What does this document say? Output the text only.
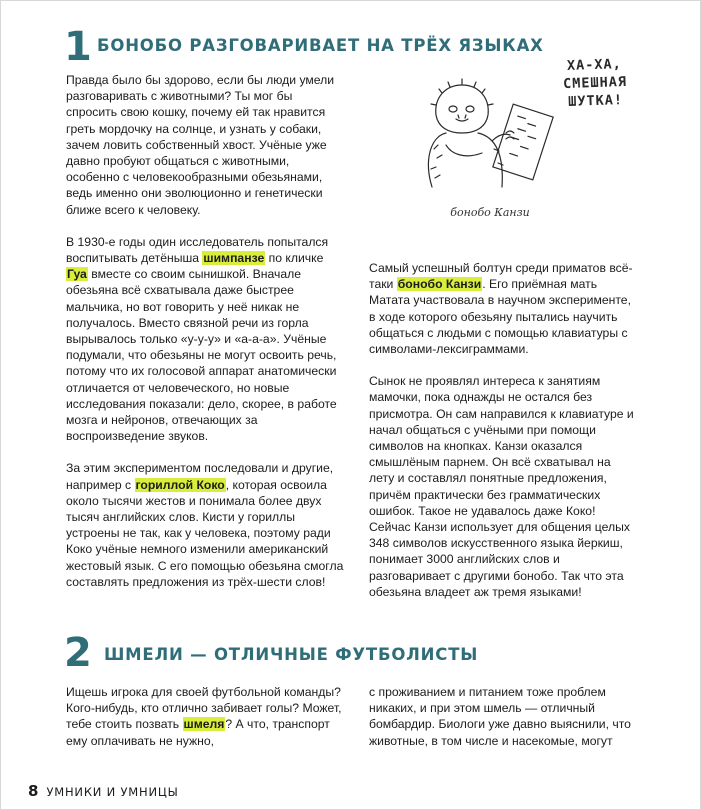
1 БОНОБО РАЗГОВАРИВАЕТ НА ТРЁХ ЯЗЫКАХ

Правда было бы здорово, если бы люди умели разговаривать с животными? Ты мог бы спросить свою кошку, почему ей так нравится греть мордочку на солнце, и узнать у собаки, зачем ловить собственный хвост. Учёные уже давно пробуют общаться с животными, особенно с человекообразными обезьянами, ведь именно они эволюционно и генетически ближе всего к человеку.

В 1930-е годы один исследователь попытался воспитывать детёныша шимпанзе по кличке Гуа вместе со своим сынишкой. Вначале обезьяна всё схватывала даже быстрее мальчика, но вот говорить у неё никак не получалось. Вместо связной речи из горла вырывалось только «у-у-у» и «а-а-а». Учёные подумали, что обезьяны не могут освоить речь, потому что их голосовой аппарат анатомически отличается от человеческого, но новые исследования показали: дело, скорее, в работе мозга и нейронов, отвечающих за воспроизведение звуков.

За этим экспериментом последовали и другие, например с гориллой Коко, которая освоила около тысячи жестов и понимала более двух тысяч английских слов. Кисти у гориллы устроены не так, как у человека, поэтому ради Коко учёные немного изменили американский жестовый язык. С его помощью обезьяна смогла составлять предложения из трёх-шести слов!

ХА-ХА,
СМЕШНАЯ
ШУТКА!
бонобо Канзи

Самый успешный болтун среди приматов всё-таки бонобо Канзи. Его приёмная мать Матата участвовала в научном эксперименте, в ходе которого обезьяну пытались научить общаться с людьми с помощью клавиатуры с символами-лексиграммами.

Сынок не проявлял интереса к занятиям мамочки, пока однажды не остался без присмотра. Он сам направился к клавиатуре и начал общаться с учёными при помощи символов на кнопках. Канзи оказался смышлёным парнем. Он всё схватывал на лету и составлял понятные предложения, причём практически без грамматических ошибок. Такое не удавалось даже Коко! Сейчас Канзи использует для общения целых 348 символов искусственного языка йеркиш, понимает 3000 английских слов и разговаривает с другими бонобо. Так что эта обезьяна владеет аж тремя языками!

2 ШМЕЛИ — ОТЛИЧНЫЕ ФУТБОЛИСТЫ

Ищешь игрока для своей футбольной команды? Кого-нибудь, кто отлично забивает голы? Может, тебе стоить позвать шмеля? А что, транспорт ему оплачивать не нужно,

с проживанием и питанием тоже проблем никаких, и при этом шмель — отличный бомбардир. Биологи уже давно выяснили, что животные, в том числе и насекомые, могут

8 УМНИКИ И УМНИЦЫ
